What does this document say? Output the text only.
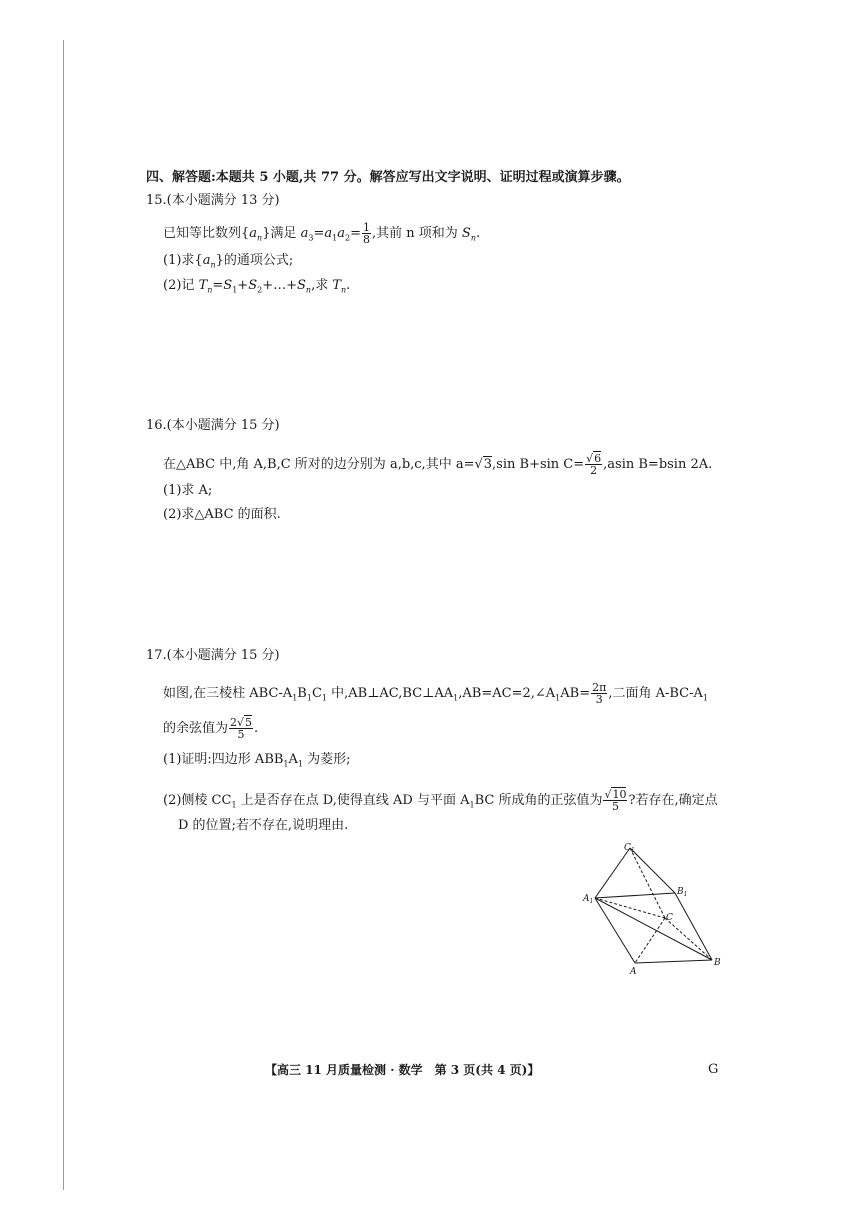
四、解答题:本题共 5 小题,共 77 分。解答应写出文字说明、证明过程或演算步骤。
15.(本小题满分 13 分)
已知等比数列$\{a_n\}$满足 $a_3=a_1a_2= \frac{1}{8}$ ,其前 n 项和为 $S_n$.
(1)求$\{a_n\}$的通项公式;
(2)记 $T_n=S_1+S_2+\dots+S_n$,求 $T_n$.
16.(本小题满分 15 分)
在△ABC 中,角 A,B,C 所对的边分别为 a,b,c,其中 a=√3,sin B+sin $C= \frac{√6}{2} ,asin$ B=bsin 2A.
(1)求 A;
(2)求△ABC 的面积.
17.(本小题满分 15 分)
如图,在三棱柱 ABC-$A_1B_1C_1$ 中$,AB\perp AC,BC\perp AA_1,AB=AC=2,\angle A_1AB= \frac{2\pi}{3}$ ,二面角 $A-BC-A_1$
的余弦值为 $\frac{2√5}{5}$ .
(1)证明:四边形 $ABB_1A_1$ 为菱形;
(2)侧棱 $CC_1$ 上是否存在点 D,使得直线 AD 与平面 $A_1BC$ 所成角的正弦值为 $\frac{√10}{5}$ ?若存在,确定点
D 的位置;若不存在,说明理由.
$C_1$
$B_1$
$A_1$
C
A
B
【高三 11 月质量检测 · 数学　第 3 页(共 4 页)】	G
